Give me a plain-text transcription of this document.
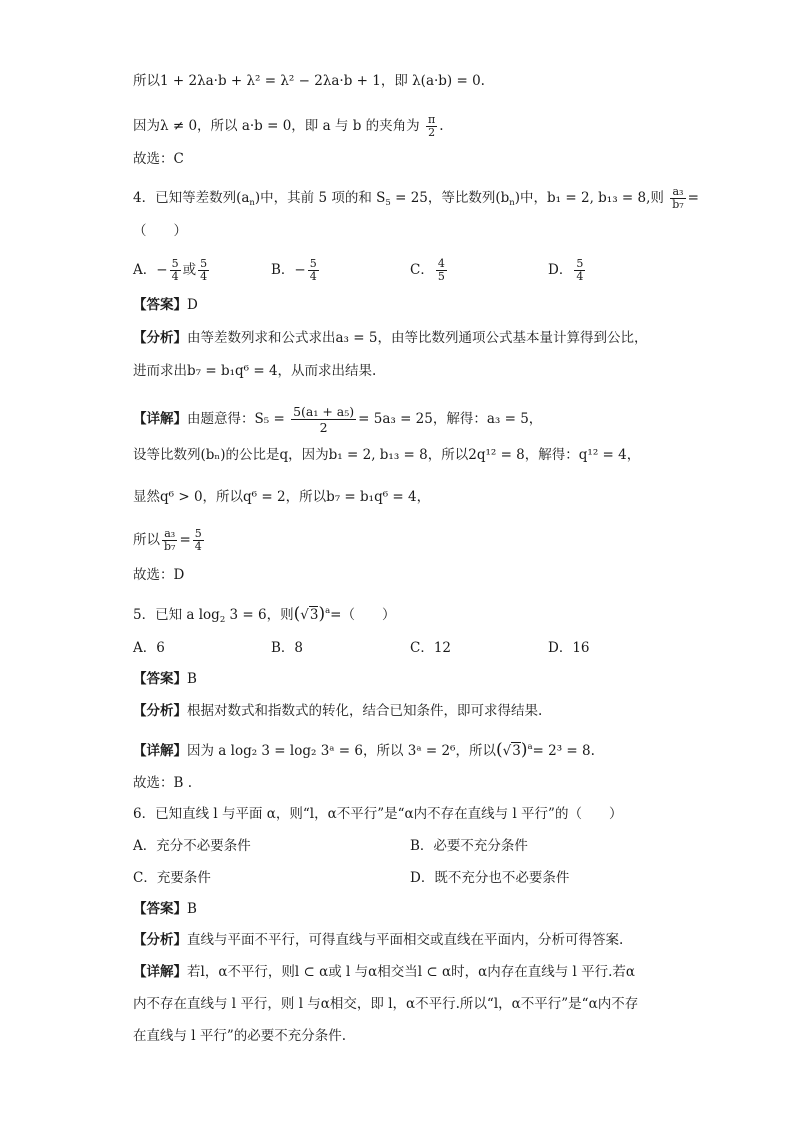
所以1 + 2λa·b + λ² = λ² − 2λa·b + 1，即 λ(a·b) = 0.
因为λ ≠ 0，所以 a·b = 0，即 a 与 b 的夹角为 $\frac{\pi}{2}$ .
故选：C
4．已知等差数列$(a_n)$中，其前 5 项的和 $S_5 = 25$，等比数列$(b_n)$中，b₁ = 2, b₁₃ = 8,则 $\frac{\text{a₃}}{\text{b₇}}$ =
（　　）
A．− $\frac{5}{4}$ 或 $\frac{5}{4}$	B．− $\frac{5}{4}$	C． $\frac{4}{5}$	D． $\frac{5}{4}$
【答案】D
【分析】由等差数列求和公式求出a₃ = 5，由等比数列通项公式基本量计算得到公比，
进而求出b₇ = b₁q⁶ = 4，从而求出结果.
【详解】由题意得：$S_5 = \frac{\text{5(a₁ + a₅)}}{2} = 5a_3 = 25$，解得：a₃ = 5，
设等比数列(bₙ)的公比是q，因为b₁ = 2, b₁₃ = 8，所以2q¹² = 8，解得：q¹² = 4，
显然q⁶ > 0，所以q⁶ = 2，所以b₇ = b₁q⁶ = 4，
所以 $\frac{\text{a₃}}{\text{b₇}} = \frac{5}{4}$
故选：D
5．已知 a $\log_2 3 = 6$，则$(√3)^a=$（　　）
A．6	B．8	C．12	D．16
【答案】B
【分析】根据对数式和指数式的转化，结合已知条件，即可求得结果.
【详解】因为 a log₂ 3 = log₂ 3ᵃ = 6，所以 3ᵃ = 2⁶，所以$(√3)^a= 2^3 = 8$.
故选：B .
6．已知直线 l 与平面 α，则“l，α不平行”是“α内不存在直线与 l 平行”的（　　）
A．充分不必要条件	B．必要不充分条件
C．充要条件	D．既不充分也不必要条件
【答案】B
【分析】直线与平面不平行，可得直线与平面相交或直线在平面内，分析可得答案.
【详解】若l，α不平行，则l ⊂ α或 l 与α相交当l ⊂ α时，α内存在直线与 l 平行.若α
内不存在直线与 l 平行，则 l 与α相交，即 l，α不平行.所以“l，α不平行”是“α内不存
在直线与 l 平行”的必要不充分条件.
